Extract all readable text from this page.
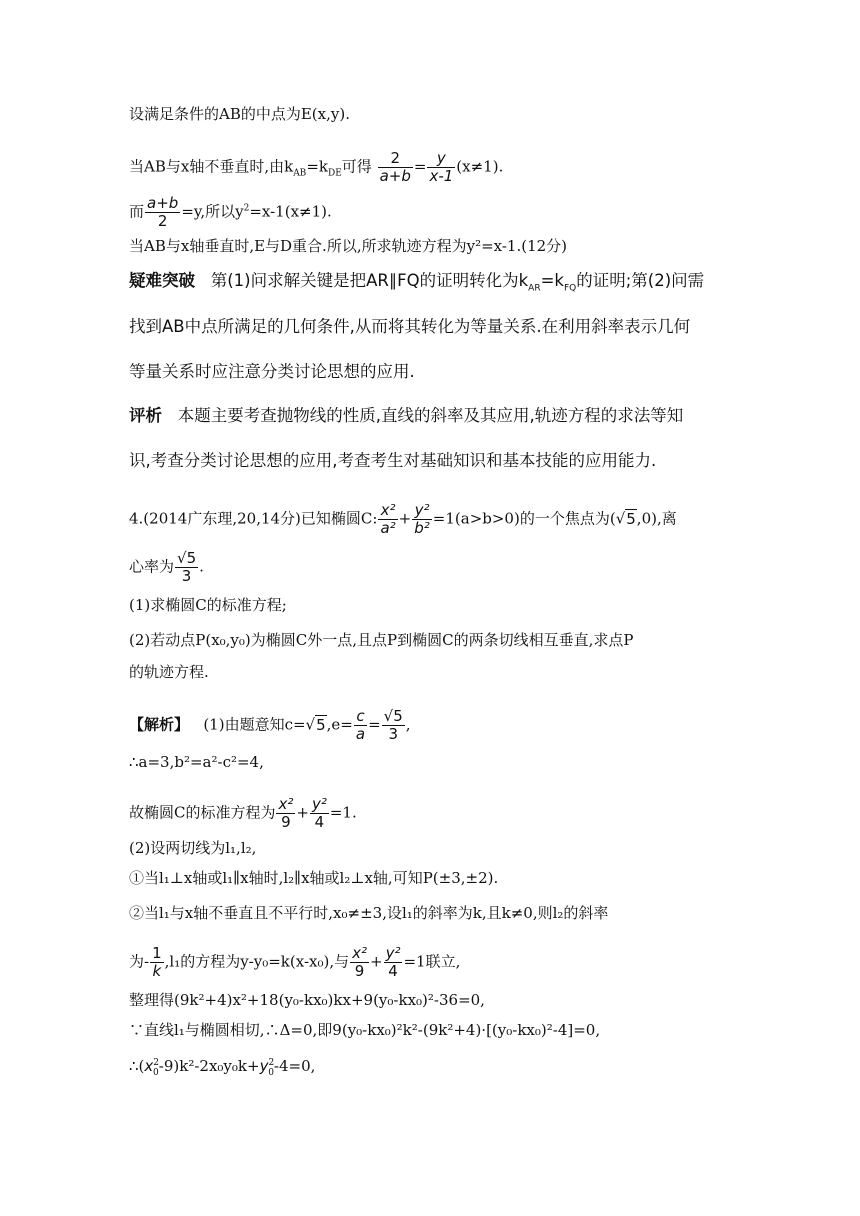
设满足条件的AB的中点为E(x,y).
当AB与x轴不垂直时,由$k_{AB}=k_{DE}$可得 $\frac{2}{a+b} = \frac{y}{x-1} (x\ne 1)$.
而 $\frac{a+b}{2} =y$,所以$y^2=x-1(x\ne 1)$.
当AB与x轴垂直时,E与D重合.所以,所求轨迹方程为y²=x-1.(12分)
疑难突破 第(1)问求解关键是把AR∥FQ的证明转化为$k_{AR}=k_{FQ}$的证明;第(2)问需
找到AB中点所满足的几何条件,从而将其转化为等量关系.在利用斜率表示几何
等量关系时应注意分类讨论思想的应用.
评析 本题主要考查抛物线的性质,直线的斜率及其应用,轨迹方程的求法等知
识,考查分类讨论思想的应用,考查考生对基础知识和基本技能的应用能力.
4.(2014广东理,20,14分)已知椭圆C: $\frac{\text{x²}}{\text{a²}} + \frac{\text{y²}}{\text{b²}} =1(a>b>0)$的一个焦点为(√5,0),离
心率为 $\frac{√5}{3}$ .
(1)求椭圆C的标准方程;
(2)若动点P(x₀,y₀)为椭圆C外一点,且点P到椭圆C的两条切线相互垂直,求点P
的轨迹方程.
【解析】 (1)由题意知$c=√5,e= \frac{c}{a} = \frac{√5}{3}$ ,
∴a=3,b²=a²-c²=4,
故椭圆C的标准方程为 $\frac{\text{x²}}{9} + \frac{\text{y²}}{4} =1$.
(2)设两切线为l₁,l₂,
①当l₁⊥x轴或l₁∥x轴时,l₂∥x轴或l₂⊥x轴,可知P(±3,±2).
②当l₁与x轴不垂直且不平行时,x₀≠±3,设l₁的斜率为k,且k≠0,则l₂的斜率
为- $\frac{1}{k} ,l_1$的方程为y-y₀=k(x-x₀),与 $\frac{\text{x²}}{9} + \frac{\text{y²}}{4} =1$联立,
整理得(9k²+4)x²+18(y₀-kx₀)kx+9(y₀-kx₀)²-36=0,
∵直线l₁与椭圆相切,∴Δ=0,即9(y₀-kx₀)²k²-(9k²+4)·[(y₀-kx₀)²-4]=0,
$\therefore(x^2_0-9)k^2-2x_0y_0k+y^2_0-4=0$,
